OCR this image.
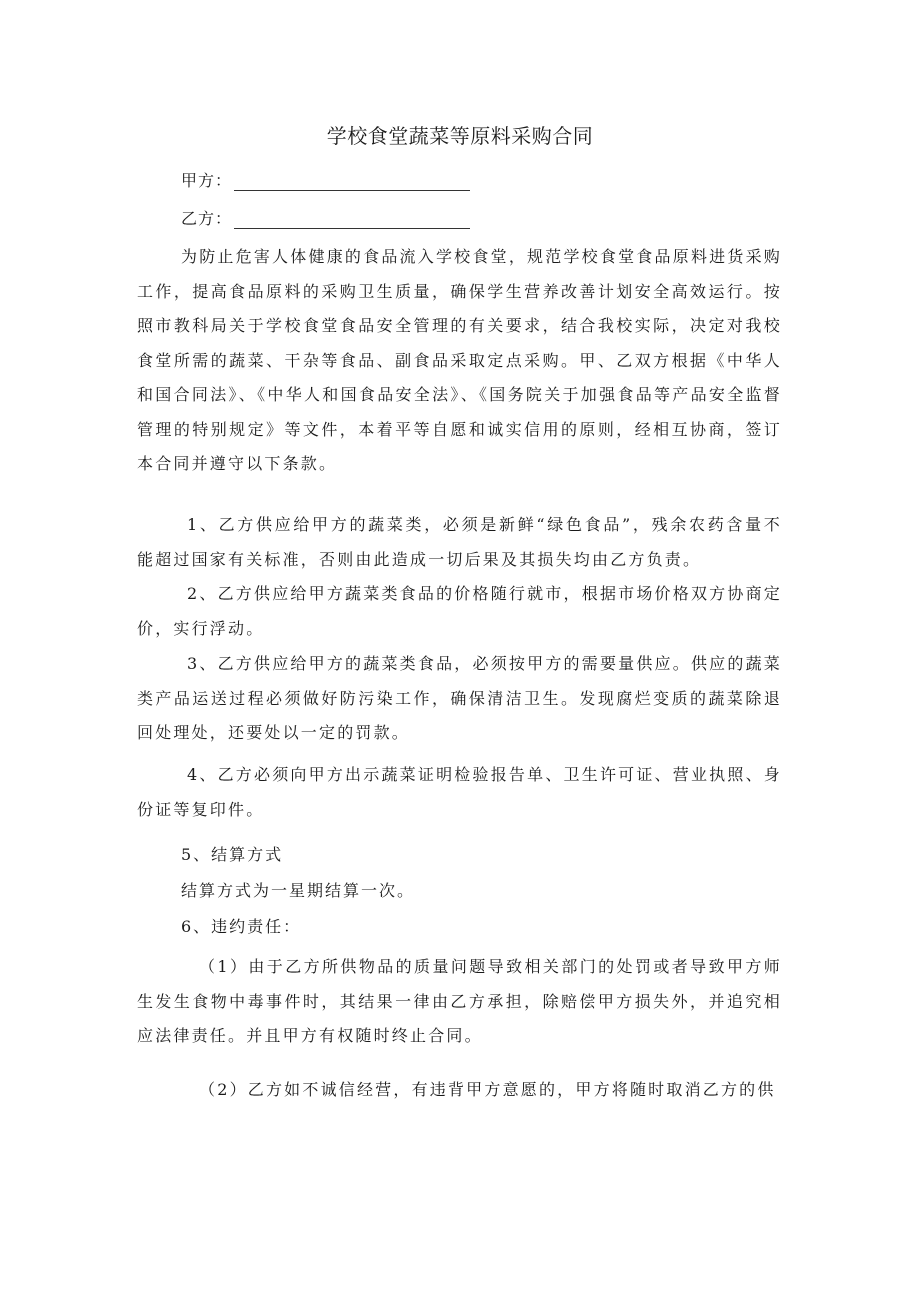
学校食堂蔬菜等原料采购合同
甲方：
乙方：
为防止危害人体健康的食品流入学校食堂，规范学校食堂食品原料进货采购工作，提高食品原料的采购卫生质量，确保学生营养改善计划安全高效运行。按照市教科局关于学校食堂食品安全管理的有关要求，结合我校实际，决定对我校食堂所需的蔬菜、干杂等食品、副食品采取定点采购。甲、乙双方根据《中华人和国合同法》、《中华人和国食品安全法》、《国务院关于加强食品等产品安全监督管理的特别规定》等文件，本着平等自愿和诚实信用的原则，经相互协商，签订本合同并遵守以下条款。
1、乙方供应给甲方的蔬菜类，必须是新鲜“绿色食品”，残余农药含量不能超过国家有关标准，否则由此造成一切后果及其损失均由乙方负责。
2、乙方供应给甲方蔬菜类食品的价格随行就市，根据市场价格双方协商定价，实行浮动。
3、乙方供应给甲方的蔬菜类食品，必须按甲方的需要量供应。供应的蔬菜类产品运送过程必须做好防污染工作，确保清洁卫生。发现腐烂变质的蔬菜除退回处理处，还要处以一定的罚款。
4、乙方必须向甲方出示蔬菜证明检验报告单、卫生许可证、营业执照、身份证等复印件。
5、结算方式
结算方式为一星期结算一次。
6、违约责任：
（1）由于乙方所供物品的质量问题导致相关部门的处罚或者导致甲方师生发生食物中毒事件时，其结果一律由乙方承担，除赔偿甲方损失外，并追究相应法律责任。并且甲方有权随时终止合同。
（2）乙方如不诚信经营，有违背甲方意愿的，甲方将随时取消乙方的供
